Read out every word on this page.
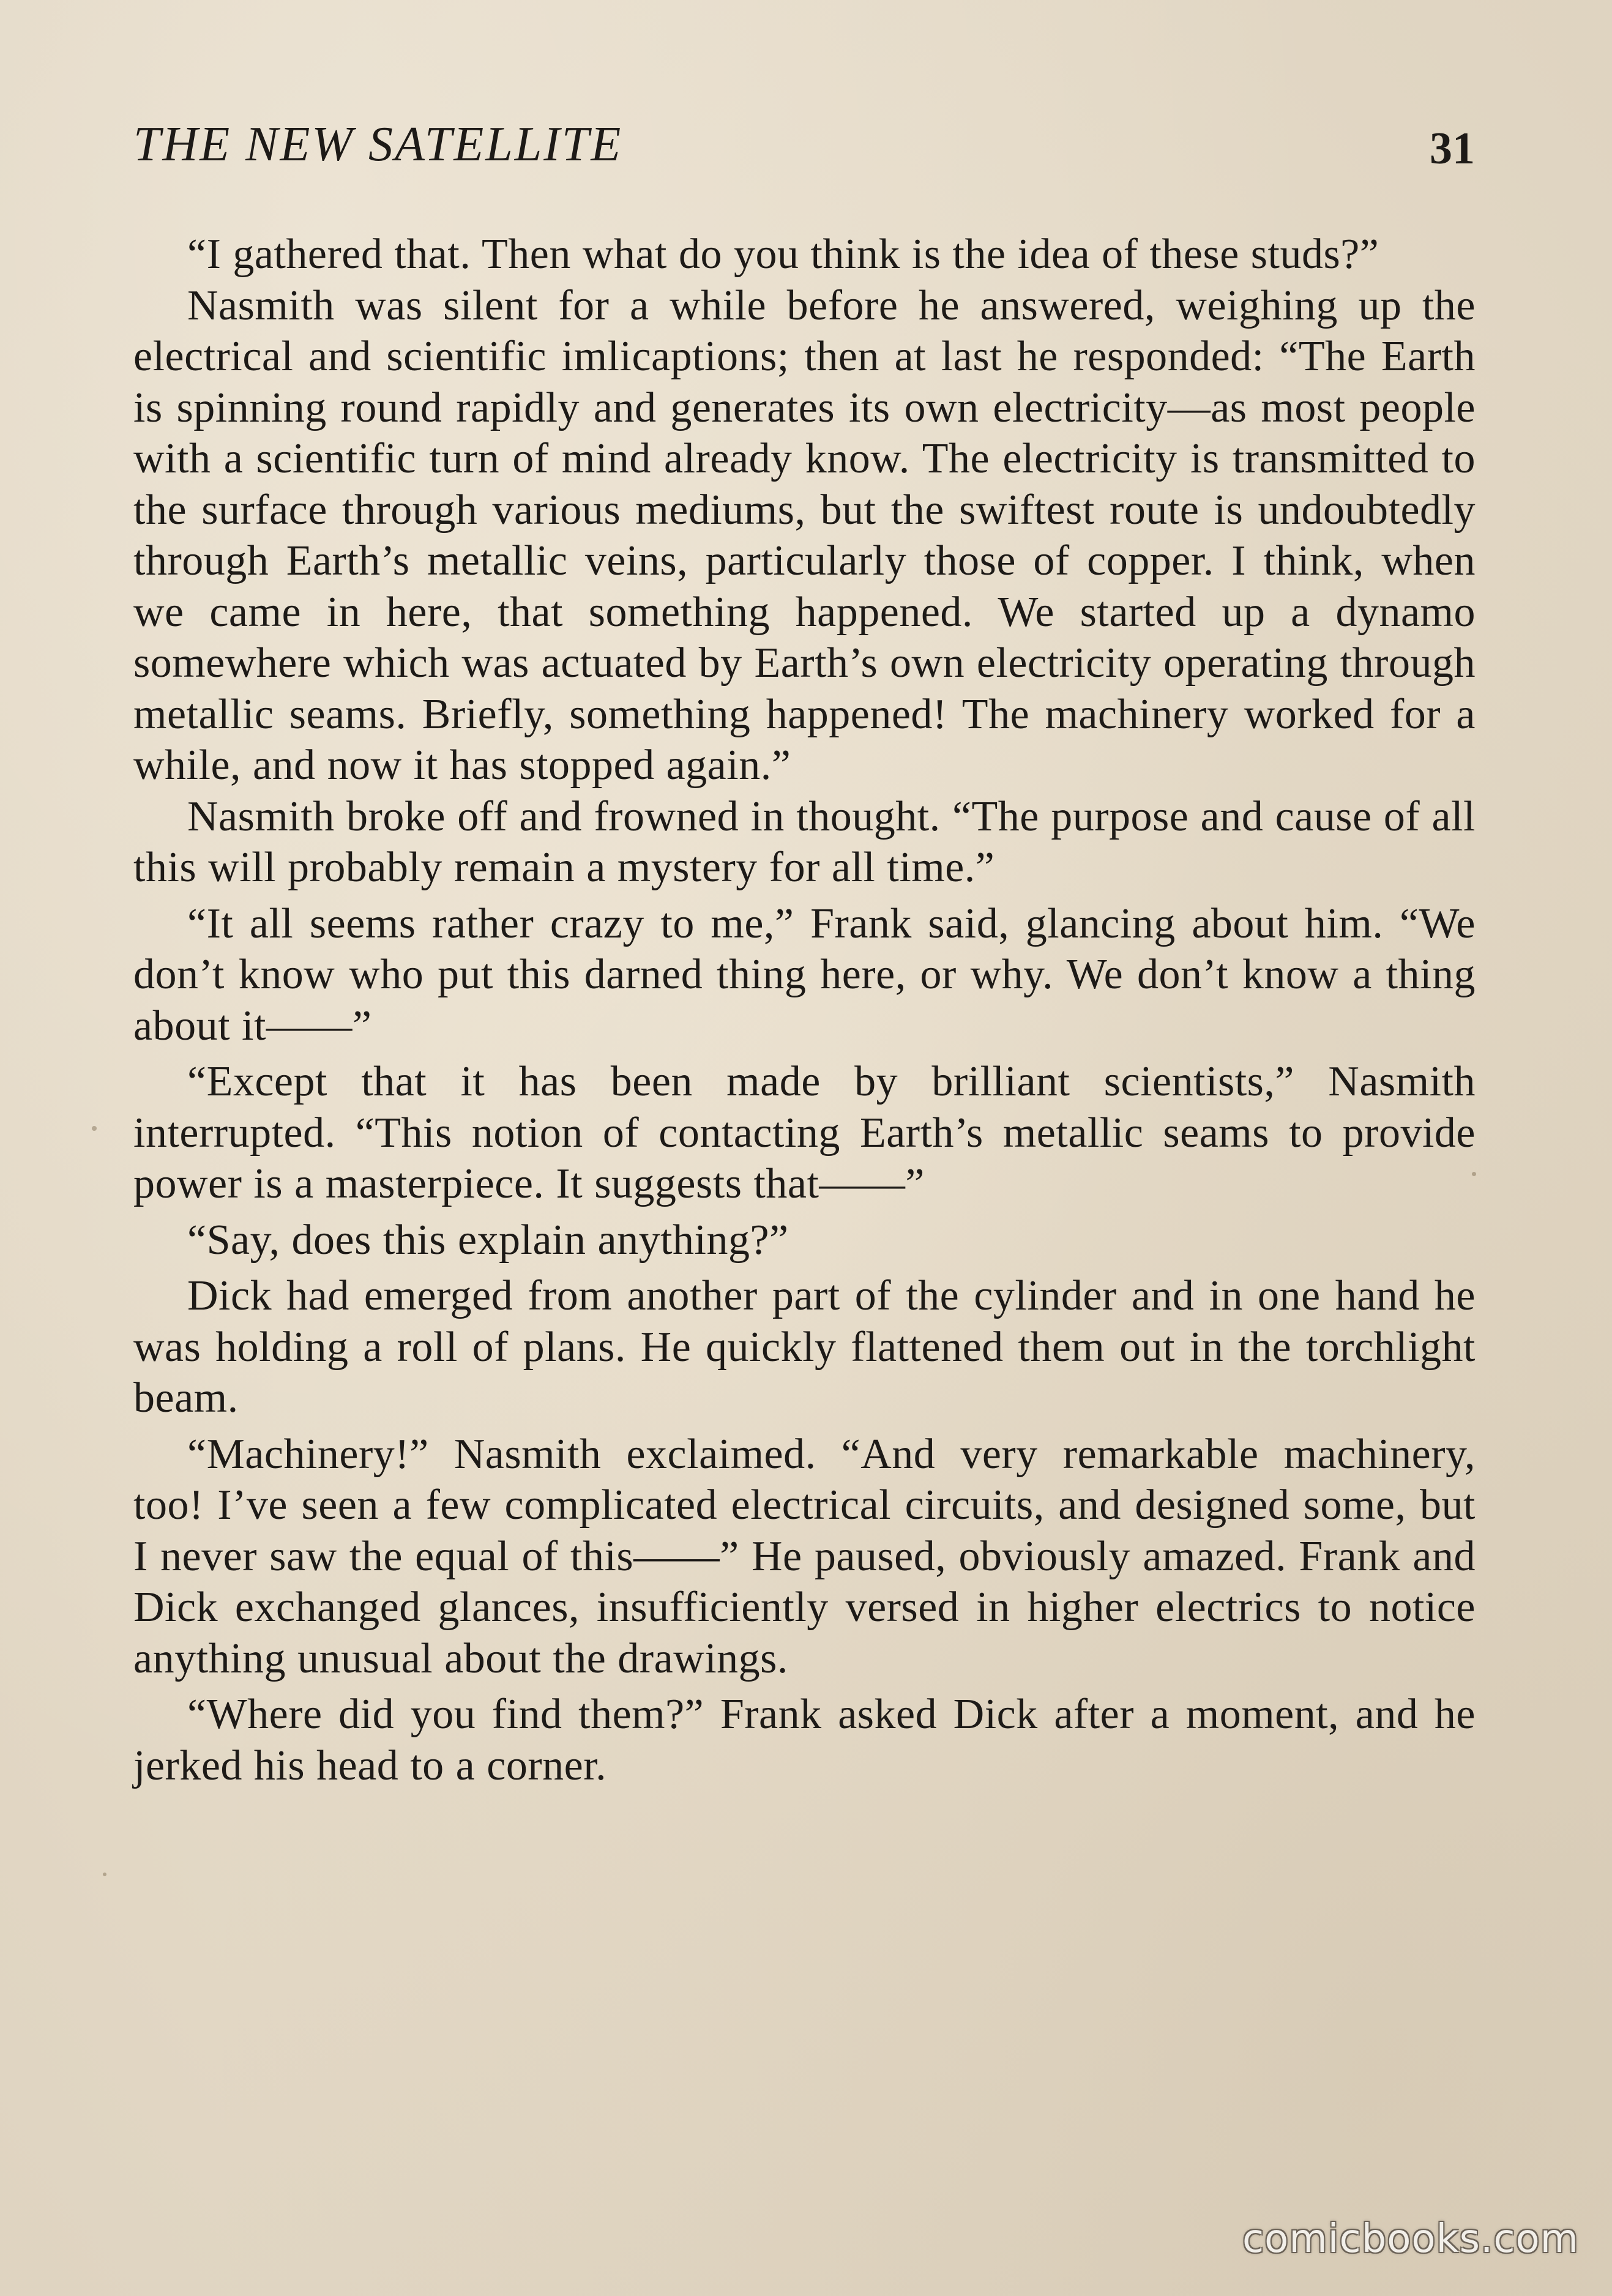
THE NEW SATELLITE	31

“I gathered that. Then what do you think is the idea of these studs?”

Nasmith was silent for a while before he answered, weighing up the electrical and scientific imlicaptions; then at last he responded: “The Earth is spinning round rapidly and generates its own electricity—as most people with a scientific turn of mind already know. The electricity is transmitted to the surface through various mediums, but the swiftest route is undoubtedly through Earth’s metallic veins, particularly those of copper. I think, when we came in here, that something happened. We started up a dynamo somewhere which was actuated by Earth’s own electricity operating through metallic seams. Briefly, something happened! The machinery worked for a while, and now it has stopped again.”

Nasmith broke off and frowned in thought. “The purpose and cause of all this will probably remain a mystery for all time.”

“It all seems rather crazy to me,” Frank said, glancing about him. “We don’t know who put this darned thing here, or why. We don’t know a thing about it——”

“Except that it has been made by brilliant scientists,” Nasmith interrupted. “This notion of contacting Earth’s metallic seams to provide power is a masterpiece. It suggests that——”

“Say, does this explain anything?”

Dick had emerged from another part of the cylinder and in one hand he was holding a roll of plans. He quickly flattened them out in the torchlight beam.

“Machinery!” Nasmith exclaimed. “And very remarkable machinery, too! I’ve seen a few complicated electrical circuits, and designed some, but I never saw the equal of this——” He paused, obviously amazed. Frank and Dick exchanged glances, insufficiently versed in higher electrics to notice anything unusual about the drawings.

“Where did you find them?” Frank asked Dick after a moment, and he jerked his head to a corner.

comicbooks.com
